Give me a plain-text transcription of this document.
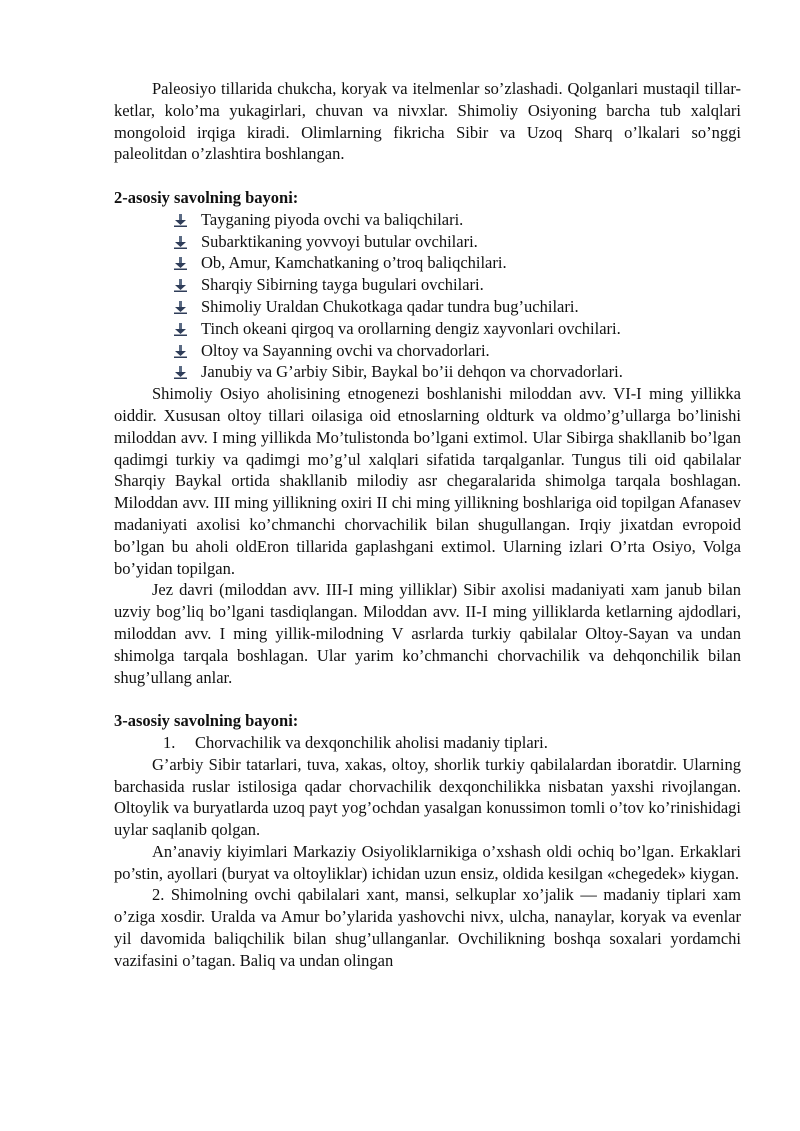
Paleosiyo tillarida chukcha, koryak va itelmenlar so’zlashadi. Qolganlari mustaqil tillar-ketlar, kolo’ma yukagirlari, chuvan va nivxlar. Shimoliy Osiyoning barcha tub xalqlari mongoloid irqiga kiradi. Olimlarning fikricha Sibir va Uzoq Sharq o’lkalari so’nggi paleolitdan o’zlashtira boshlangan.

2-asosiy savolning bayoni:
Tayganing piyoda ovchi va baliqchilari.
Subarktikaning yovvoyi butular ovchilari.
Ob, Amur, Kamchatkaning o’troq baliqchilari.
Sharqiy Sibirning tayga bugulari ovchilari.
Shimoliy Uraldan Chukotkaga qadar tundra bug’uchilari.
Tinch okeani qirgoq va orollarning dengiz xayvonlari ovchilari.
Oltoy va Sayanning ovchi va chorvadorlari.
Janubiy va G’arbiy Sibir, Baykal bo’ii dehqon va chorvadorlari.

Shimoliy Osiyo aholisining etnogenezi boshlanishi miloddan avv. VI-I ming yillikka oiddir. Xususan oltoy tillari oilasiga oid etnoslarning oldturk va oldmo’g’ullarga bo’linishi miloddan avv. I ming yillikda Mo’tulistonda bo’lgani extimol. Ular Sibirga shakllanib bo’lgan qadimgi turkiy va qadimgi mo’g’ul xalqlari sifatida tarqalganlar. Tungus tili oid qabilalar Sharqiy Baykal ortida shakllanib milodiy asr chegaralarida shimolga tarqala boshlagan. Miloddan avv. III ming yillikning oxiri II chi ming yillikning boshlariga oid topilgan Afanasev madaniyati axolisi ko’chmanchi chorvachilik bilan shugullangan. Irqiy jixatdan evropoid bo’lgan bu aholi oldEron tillarida gaplashgani extimol. Ularning izlari O’rta Osiyo, Volga bo’yidan topilgan.

Jez davri (miloddan avv. III-I ming yilliklar) Sibir axolisi madaniyati xam janub bilan uzviy bog’liq bo’lgani tasdiqlangan. Miloddan avv. II-I ming yilliklarda ketlarning ajdodlari, miloddan avv. I ming yillik-milodning V asrlarda turkiy qabilalar Oltoy-Sayan va undan shimolga tarqala boshlagan. Ular yarim ko’chmanchi chorvachilik va dehqonchilik bilan shug’ullang anlar.

3-asosiy savolning bayoni:
1. Chorvachilik va dexqonchilik aholisi madaniy tiplari.

G’arbiy Sibir tatarlari, tuva, xakas, oltoy, shorlik turkiy qabilalardan iboratdir. Ularning barchasida ruslar istilosiga qadar chorvachilik dexqonchilikka nisbatan yaxshi rivojlangan. Oltoylik va buryatlarda uzoq payt yog’ochdan yasalgan konussimon tomli o’tov ko’rinishidagi uylar saqlanib qolgan.

An’anaviy kiyimlari Markaziy Osiyoliklarnikiga o’xshash oldi ochiq bo’lgan. Erkaklari po’stin, ayollari (buryat va oltoyliklar) ichidan uzun ensiz, oldida kesilgan «chegedek» kiygan.

2. Shimolning ovchi qabilalari xant, mansi, selkuplar xo’jalik — madaniy tiplari xam o’ziga xosdir. Uralda va Amur bo’ylarida yashovchi nivx, ulcha, nanaylar, koryak va evenlar yil davomida baliqchilik bilan shug’ullanganlar. Ovchilikning boshqa soxalari yordamchi vazifasini o’tagan. Baliq va undan olingan
